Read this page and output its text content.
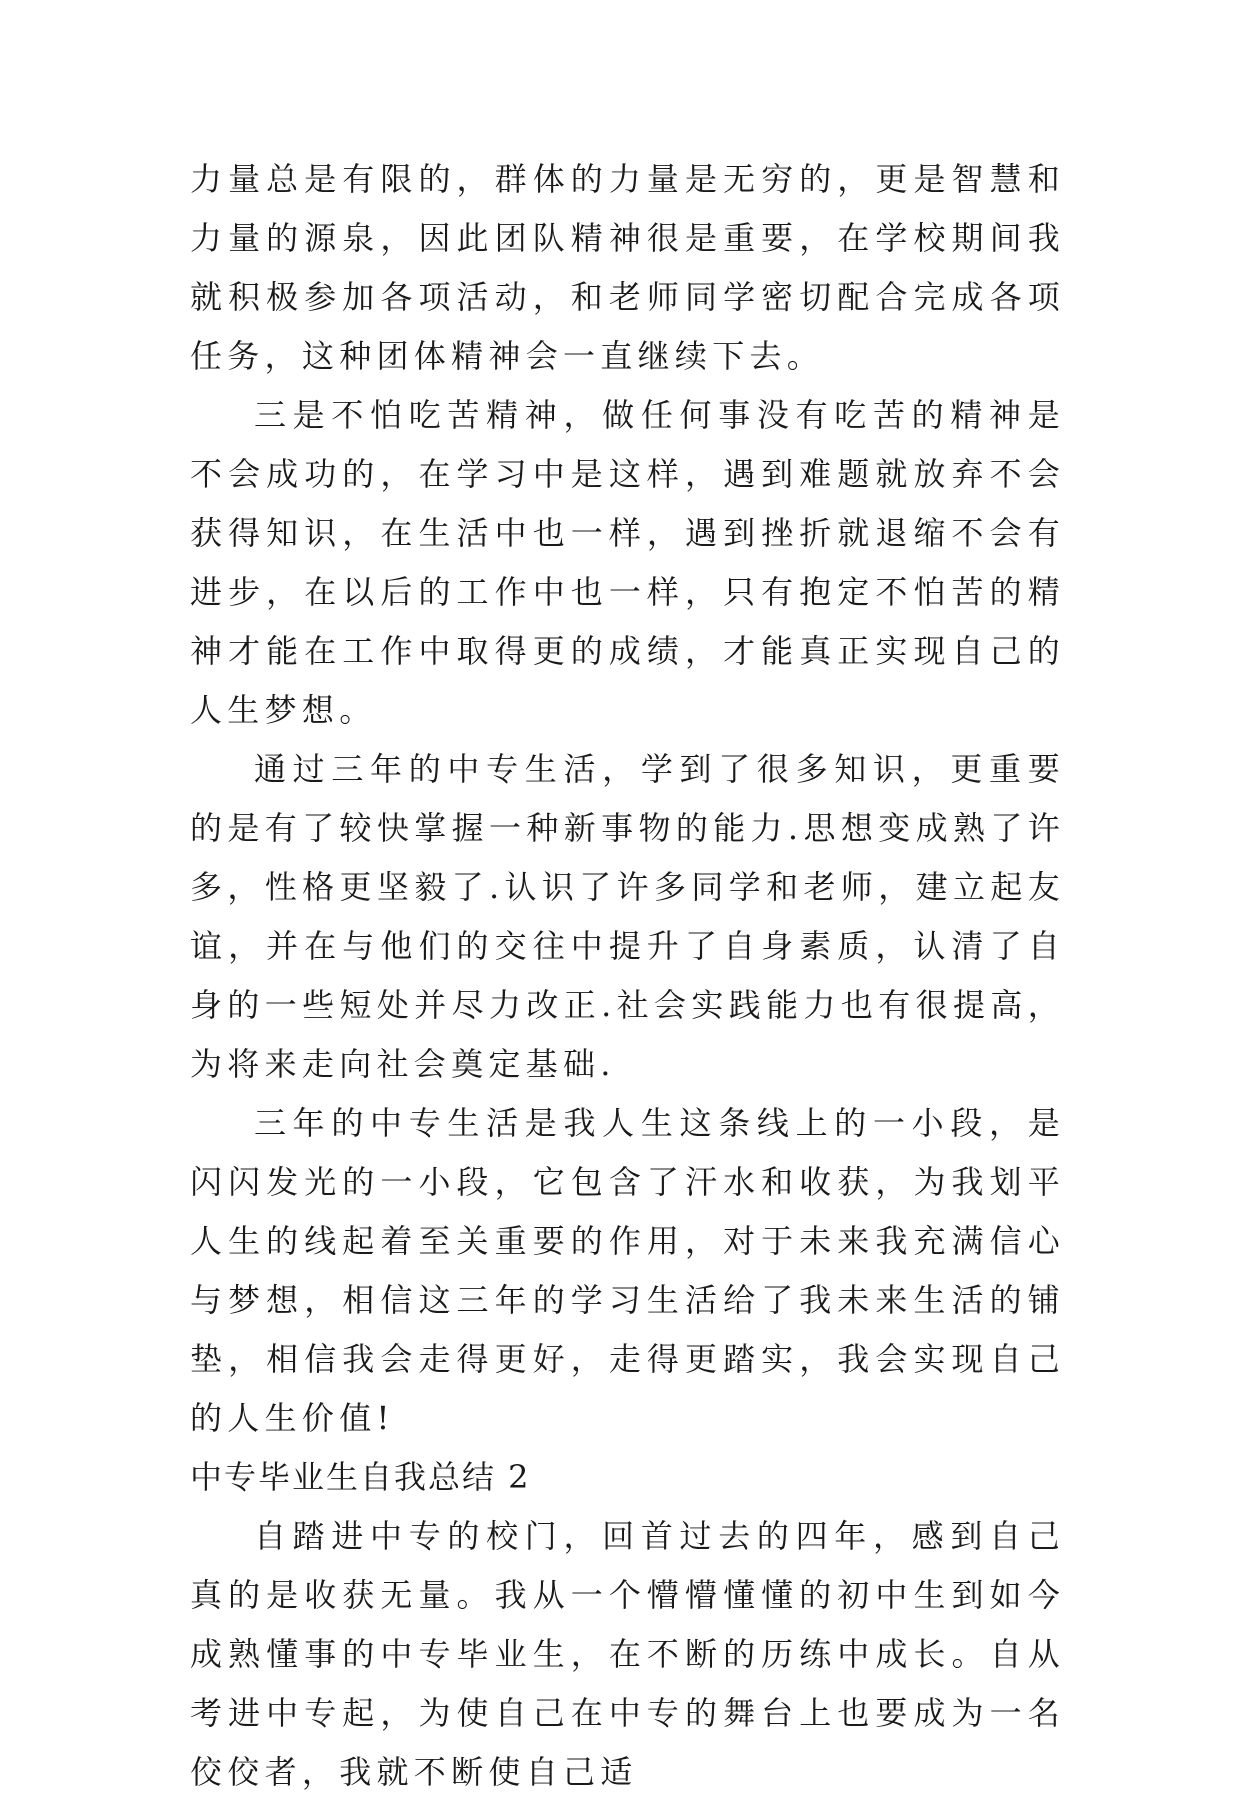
力量总是有限的，群体的力量是无穷的，更是智慧和力量的源泉，因此团队精神很是重要，在学校期间我就积极参加各项活动，和老师同学密切配合完成各项任务，这种团体精神会一直继续下去。

三是不怕吃苦精神，做任何事没有吃苦的精神是不会成功的，在学习中是这样，遇到难题就放弃不会获得知识，在生活中也一样，遇到挫折就退缩不会有进步，在以后的工作中也一样，只有抱定不怕苦的精神才能在工作中取得更的成绩，才能真正实现自己的人生梦想。

通过三年的中专生活，学到了很多知识，更重要的是有了较快掌握一种新事物的能力.思想变成熟了许多，性格更坚毅了.认识了许多同学和老师，建立起友谊，并在与他们的交往中提升了自身素质，认清了自身的一些短处并尽力改正.社会实践能力也有很提高，为将来走向社会奠定基础.

三年的中专生活是我人生这条线上的一小段，是闪闪发光的一小段，它包含了汗水和收获，为我划平人生的线起着至关重要的作用，对于未来我充满信心与梦想，相信这三年的学习生活给了我未来生活的铺垫，相信我会走得更好，走得更踏实，我会实现自己的人生价值!

中专毕业生自我总结 2

自踏进中专的校门，回首过去的四年，感到自己真的是收获无量。我从一个懵懵懂懂的初中生到如今成熟懂事的中专毕业生，在不断的历练中成长。自从考进中专起，为使自己在中专的舞台上也要成为一名佼佼者，我就不断使自己适
